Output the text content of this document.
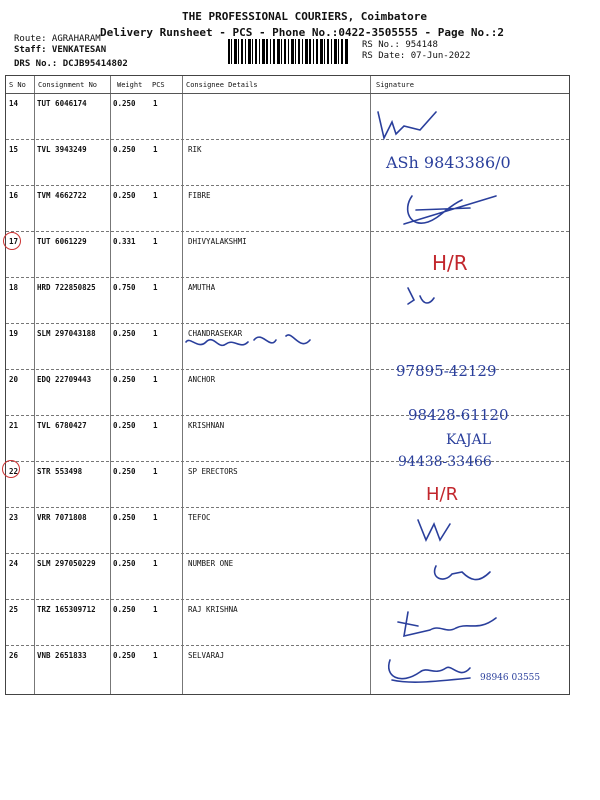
THE PROFESSIONAL COURIERS, Coimbatore
Delivery Runsheet - PCS - Phone No.:0422-3505555 - Page No.:2
Route: AGRAHARAM
Staff: VENKATESAN
DRS No.: DCJB95414802
RS No.: 954148
RS Date: 07-Jun-2022
S No Consignment No	Weight PCS	Consignee Details	Signature
14	TUT 6046174	0.250 1
15	TVL 3943249	0.250 1	RIK
16	TVM 4662722	0.250 1	FIBRE
17	TUT 6061229	0.331 1	DHIVYALAKSHMI
18	HRD 722850825 0.750 1	AMUTHA
19	SLM 297043188 0.250 1	CHANDRASEKAR
20	EDQ 22709443	0.250 1	ANCHOR
21	TVL 6780427	0.250 1	KRISHNAN
22	STR 553498	0.250 1	SP ERECTORS
23	VRR 7071808	0.250 1	TEFOC
24	SLM 297050229 0.250 1	NUMBER ONE
25	TRZ 165309712 0.250 1	RAJ KRISHNA
26	VNB 2651833	0.250 1	SELVARAJ
ASh 9843386/0
H/R
97895-42129
98428-61120
KAJAL
94438-33466
H/R
98946 03555
